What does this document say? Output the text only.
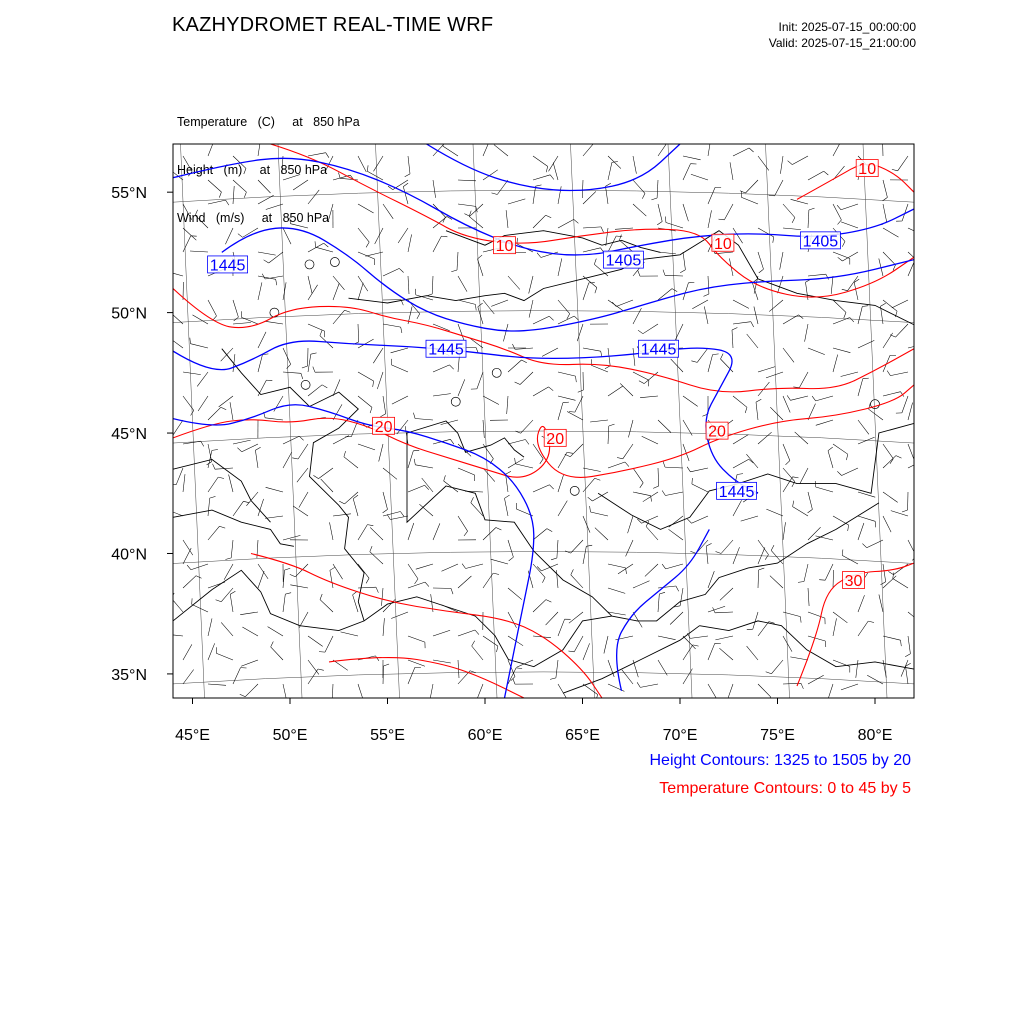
KAZHYDROMET REAL-TIME WRF	Init: 2025-07-15_00:00:00
Valid: 2025-07-15_21:00:00

Temperature   (C)     at   850 hPa

Height   (m)     at   850 hPa

Wind   (m/s)     at   850 hPa

45°E	50°E	55°E	60°E	65°E	70°E	75°E	80°E
35°N
40°N
45°N
50°N
55°N
1445
1445
1405
1445
1405
1445
10	10
10
20
20	20
30
Height Contours: 1325 to 1505 by 20
Temperature Contours: 0 to 45 by 5
